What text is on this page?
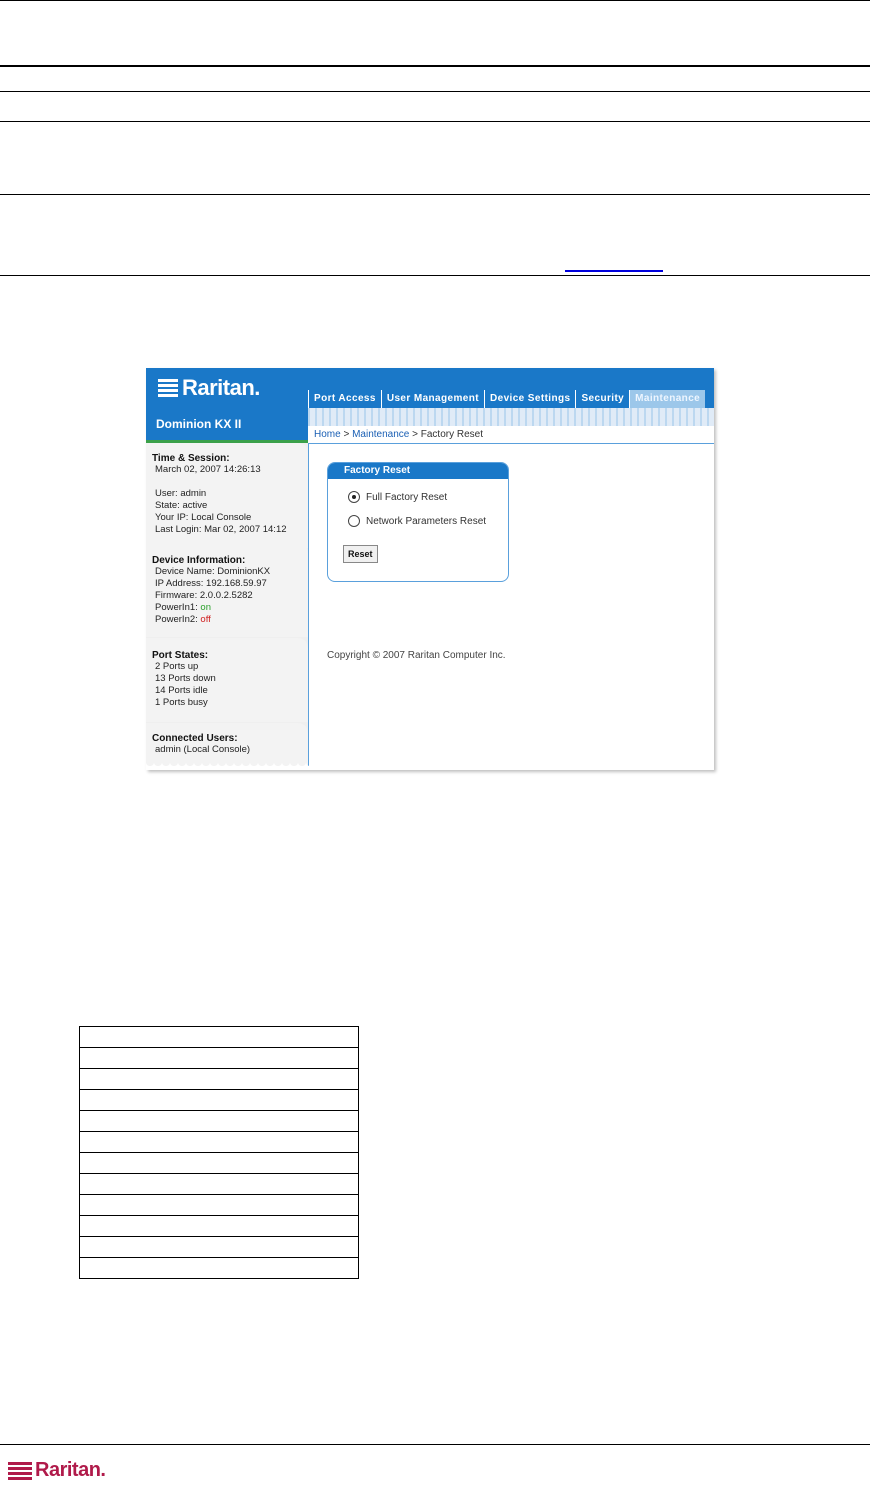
Raritan.	Port Access	User Management	Device Settings	Security	Maintenance
Home > Maintenance > Factory Reset
Dominion KX II
Time & Session:
March 02, 2007 14:26:13
User: admin
State: active
Your IP: Local Console
Last Login: Mar 02, 2007 14:12
Device Information:
Device Name: DominionKX
IP Address: 192.168.59.97
Firmware: 2.0.0.2.5282
PowerIn1: on
PowerIn2: off
Port States:
2 Ports up
13 Ports down
14 Ports idle
1 Ports busy
Connected Users:
admin (Local Console)
Factory Reset
Full Factory Reset
Network Parameters Reset
Reset
Copyright © 2007 Raritan Computer Inc.

Raritan.
